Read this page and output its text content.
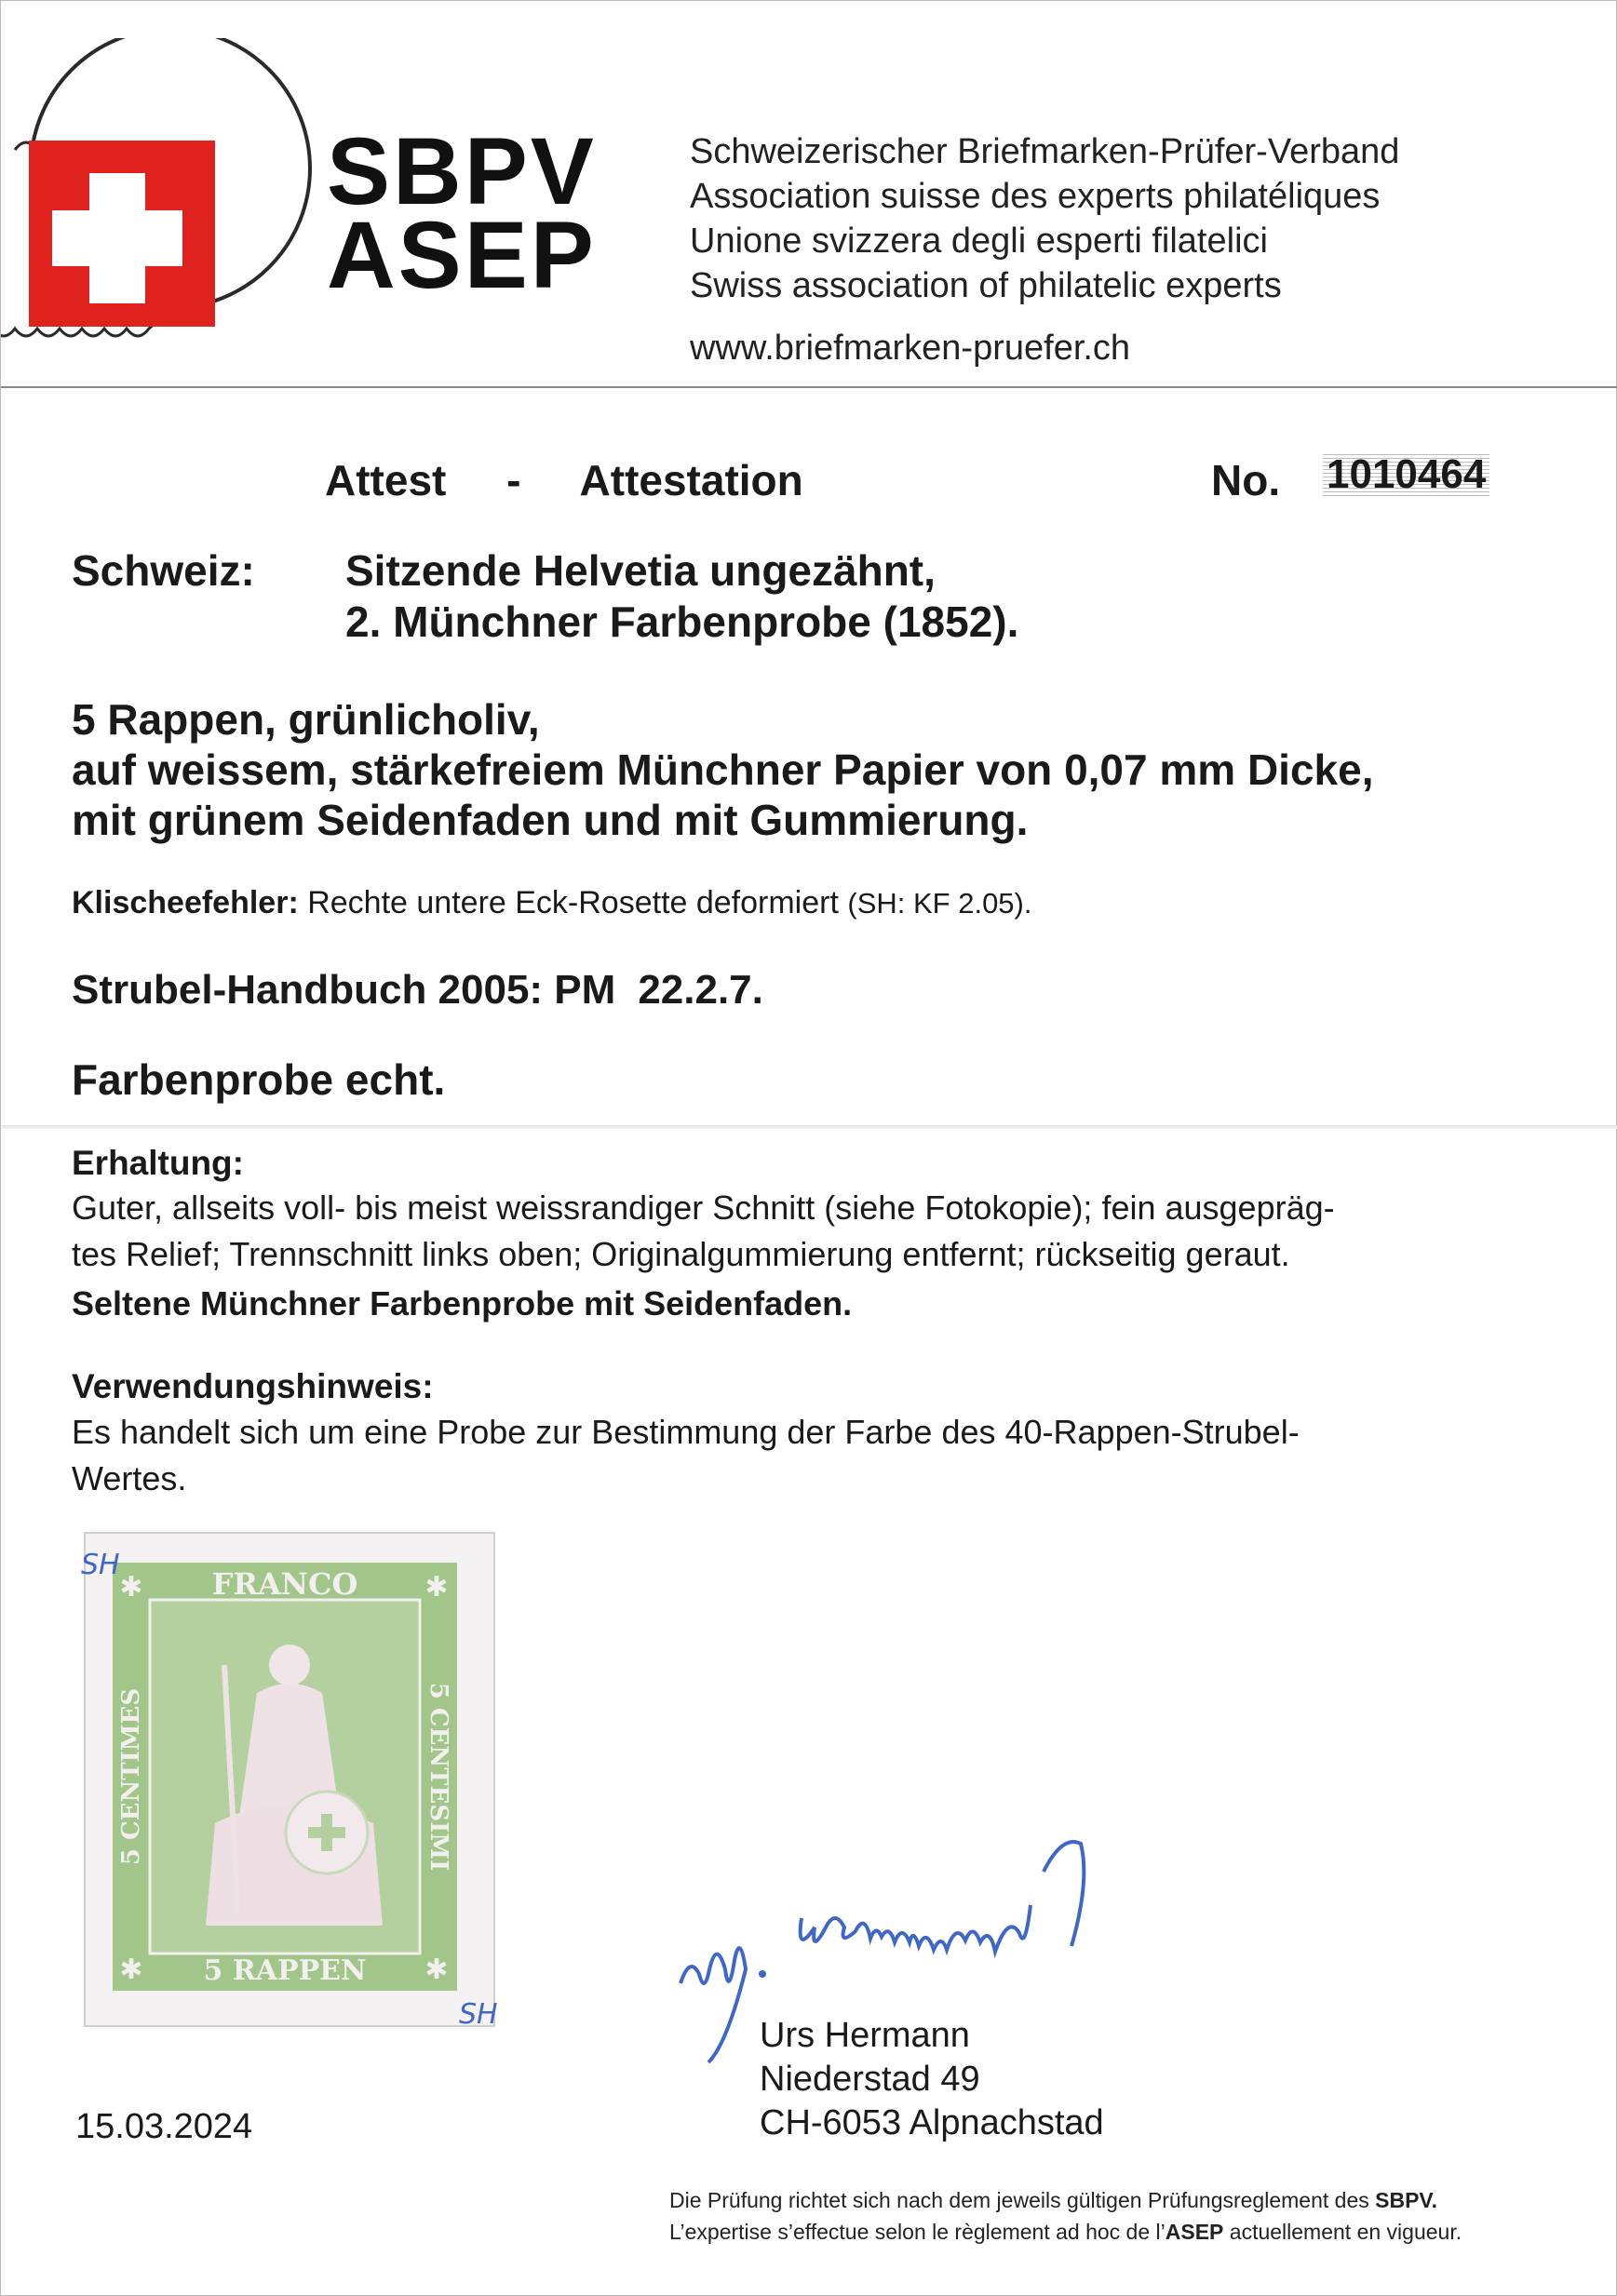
SBPV
ASEP
Schweizerischer Briefmarken-Prüfer-Verband
Association suisse des experts philatéliques
Unione svizzera degli esperti filatelici
Swiss association of philatelic experts
www.briefmarken-pruefer.ch
Attest - Attestation	No. 1010464
Schweiz: Sitzende Helvetia ungezähnt,
2. Münchner Farbenprobe (1852).
5 Rappen, grünlicholiv,
auf weissem, stärkefreiem Münchner Papier von 0,07 mm Dicke,
mit grünem Seidenfaden und mit Gummierung.
Klischeefehler: Rechte untere Eck-Rosette deformiert (SH: KF 2.05).
Strubel-Handbuch 2005: PM 22.2.7.
Farbenprobe echt.
Erhaltung:
Guter, allseits voll- bis meist weissrandiger Schnitt (siehe Fotokopie); fein ausgepräg-
tes Relief; Trennschnitt links oben; Originalgummierung entfernt; rückseitig geraut.
Seltene Münchner Farbenprobe mit Seidenfaden.
Verwendungshinweis:
Es handelt sich um eine Probe zur Bestimmung der Farbe des 40-Rappen-Strubel-
Wertes.
✱	✱
✱	✱
FRANCO
5 RAPPEN
5 CENTIMES	5 CENTESIMI
SH
SH
15.03.2024
Urs Hermann
Niederstad 49
CH-6053 Alpnachstad
Die Prüfung richtet sich nach dem jeweils gültigen Prüfungsreglement des SBPV.
L’expertise s’effectue selon le règlement ad hoc de l’ASEP actuellement en vigueur.
